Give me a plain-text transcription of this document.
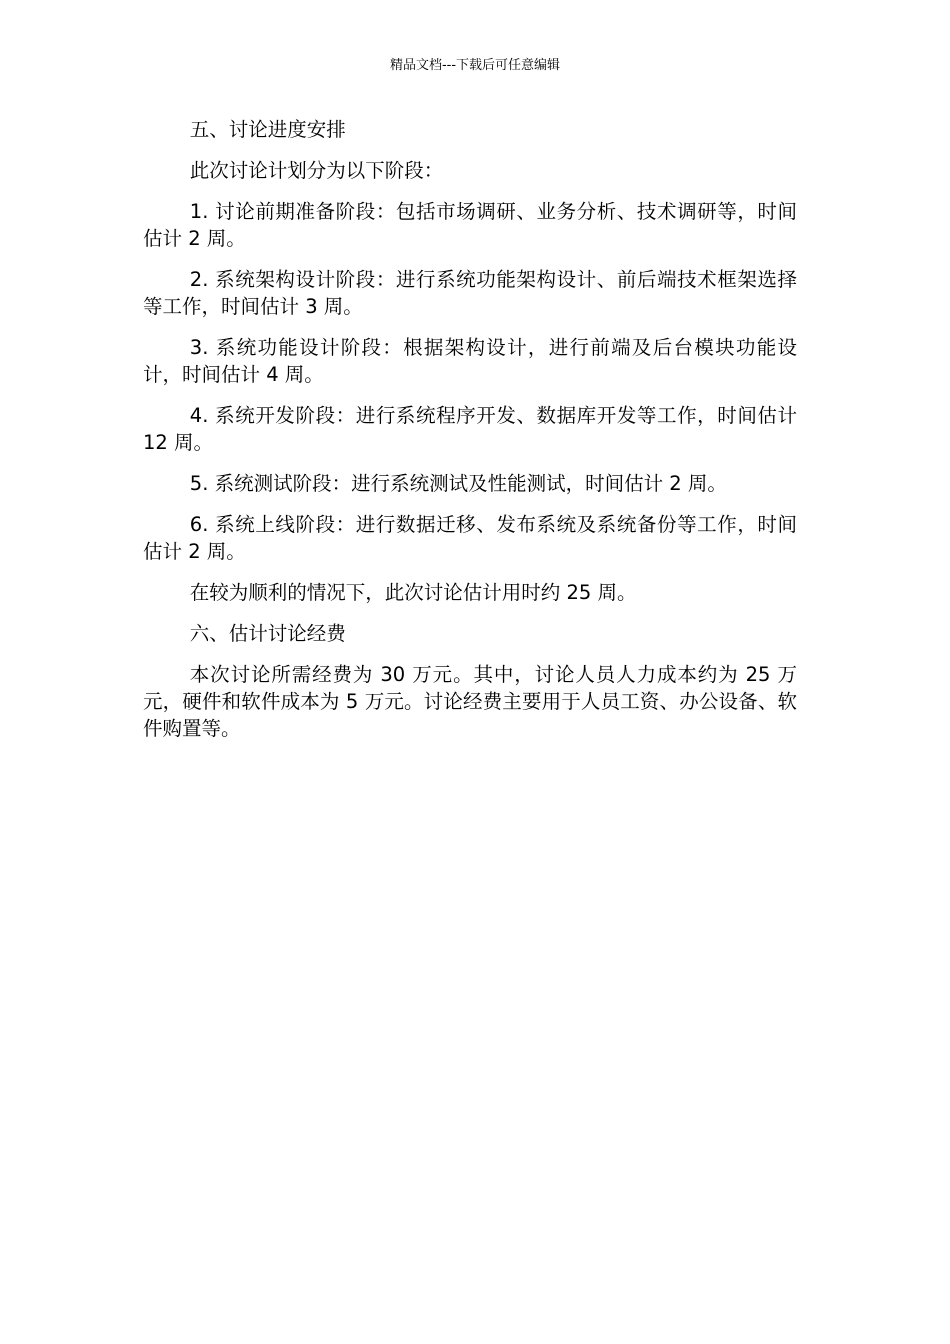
精品文档---下载后可任意编辑

五、讨论进度安排

此次讨论计划分为以下阶段：

1. 讨论前期准备阶段：包括市场调研、业务分析、技术调研等，时间估计 2 周。

2. 系统架构设计阶段：进行系统功能架构设计、前后端技术框架选择等工作，时间估计 3 周。

3. 系统功能设计阶段：根据架构设计，进行前端及后台模块功能设计，时间估计 4 周。

4. 系统开发阶段：进行系统程序开发、数据库开发等工作，时间估计 12 周。

5. 系统测试阶段：进行系统测试及性能测试，时间估计 2 周。

6. 系统上线阶段：进行数据迁移、发布系统及系统备份等工作，时间估计 2 周。

在较为顺利的情况下，此次讨论估计用时约 25 周。

六、估计讨论经费

本次讨论所需经费为 30 万元。其中，讨论人员人力成本约为 25 万元，硬件和软件成本为 5 万元。讨论经费主要用于人员工资、办公设备、软件购置等。
